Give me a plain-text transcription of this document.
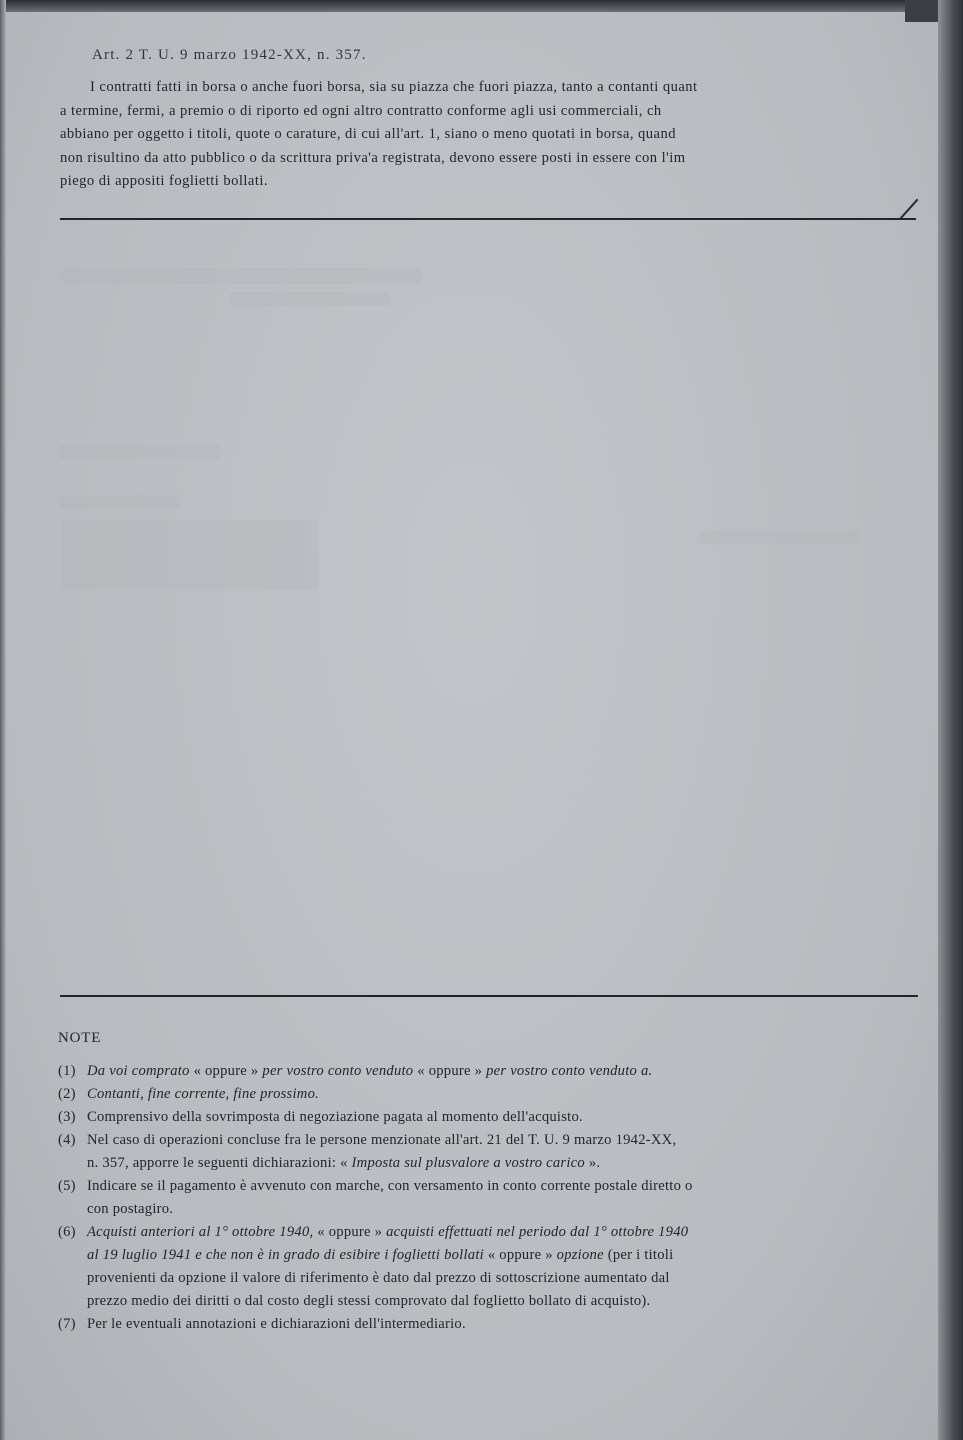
Art. 2 T. U. 9 marzo 1942-XX, n. 357.
I contratti fatti in borsa o anche fuori borsa, sia su piazza che fuori piazza, tanto a contanti quant
a termine, fermi, a premio o di riporto ed ogni altro contratto conforme agli usi commerciali, ch
abbiano per oggetto i titoli, quote o carature, di cui all'art. 1, siano o meno quotati in borsa, quand
non risultino da atto pubblico o da scrittura priva'a registrata, devono essere posti in essere con l'im
piego di appositi foglietti bollati.
NOTE
(1) Da voi comprato « oppure » per vostro conto venduto « oppure » per vostro conto venduto a.
(2) Contanti, fine corrente, fine prossimo.
(3) Comprensivo della sovrimposta di negoziazione pagata al momento dell'acquisto.
(4) Nel caso di operazioni concluse fra le persone menzionate all'art. 21 del T. U. 9 marzo 1942-XX,
n. 357, apporre le seguenti dichiarazioni: « Imposta sul plusvalore a vostro carico ».
(5) Indicare se il pagamento è avvenuto con marche, con versamento in conto corrente postale diretto o
con postagiro.
(6) Acquisti anteriori al 1° ottobre 1940, « oppure » acquisti effettuati nel periodo dal 1° ottobre 1940
al 19 luglio 1941 e che non è in grado di esibire i foglietti bollati « oppure » opzione (per i titoli
provenienti da opzione il valore di riferimento è dato dal prezzo di sottoscrizione aumentato dal
prezzo medio dei diritti o dal costo degli stessi comprovato dal foglietto bollato di acquisto).
(7) Per le eventuali annotazioni e dichiarazioni dell'intermediario.
